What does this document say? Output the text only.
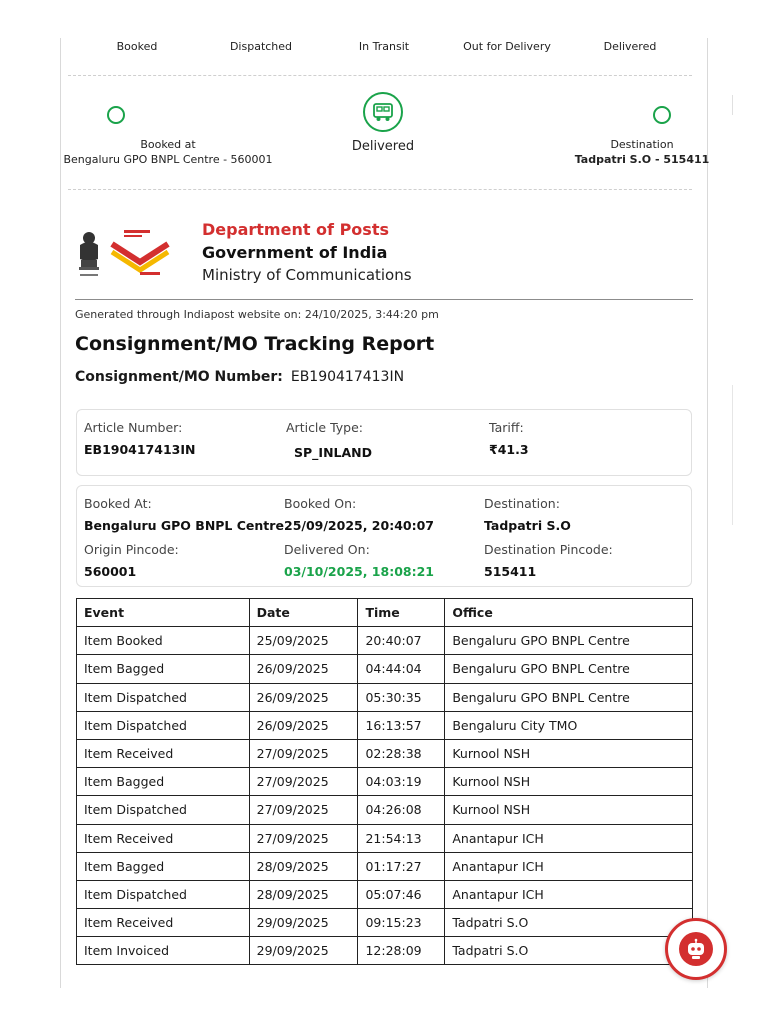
Booked	Dispatched	In Transit	Out for Delivery	Delivered
Booked at
Bengaluru GPO BNPL Centre - 560001
Delivered	Destination
Tadpatri S.O - 515411
Department of Posts
Government of India
Ministry of Communications
Generated through Indiapost website on: 24/10/2025, 3:44:20 pm
Consignment/MO Tracking Report
Consignment/MO Number: EB190417413IN
Article Number:
EB190417413IN
Article Type:
SP_INLAND
Tariff:
₹41.3
Booked At:
Bengaluru GPO BNPL Centre
Booked On:
25/09/2025, 20:40:07
Destination:
Tadpatri S.O
Origin Pincode:
560001
Delivered On:
03/10/2025, 18:08:21
Destination Pincode:
515411
Event	Date	Time	Office
Item Booked	25/09/2025	20:40:07	Bengaluru GPO BNPL Centre
Item Bagged	26/09/2025	04:44:04	Bengaluru GPO BNPL Centre
Item Dispatched	26/09/2025	05:30:35	Bengaluru GPO BNPL Centre
Item Dispatched	26/09/2025	16:13:57	Bengaluru City TMO
Item Received	27/09/2025	02:28:38	Kurnool NSH
Item Bagged	27/09/2025	04:03:19	Kurnool NSH
Item Dispatched	27/09/2025	04:26:08	Kurnool NSH
Item Received	27/09/2025	21:54:13	Anantapur ICH
Item Bagged	28/09/2025	01:17:27	Anantapur ICH
Item Dispatched	28/09/2025	05:07:46	Anantapur ICH
Item Received	29/09/2025	09:15:23	Tadpatri S.O
Item Invoiced	29/09/2025	12:28:09	Tadpatri S.O
